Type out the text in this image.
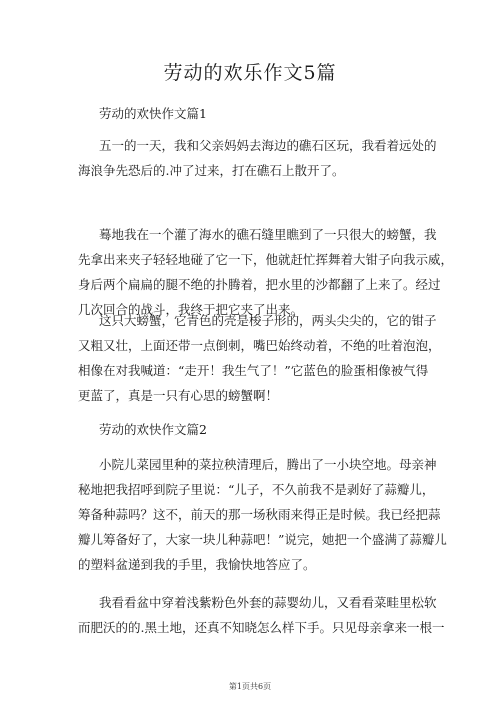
劳动的欢乐作文5篇
劳动的欢快作文篇1

五一的一天，我和父亲妈妈去海边的礁石区玩，我看着远处的
海浪争先恐后的.冲了过来，打在礁石上散开了。

蓦地我在一个灌了海水的礁石缝里瞧到了一只很大的螃蟹，我
先拿出来夹子轻轻地碰了它一下，他就赶忙挥舞着大钳子向我示威，
身后两个扁扁的腿不绝的扑腾着，把水里的沙都翻了上来了。经过
几次回合的战斗，我终于把它夹了出来。

这只大螃蟹，它青色的壳是梭子形的，两头尖尖的，它的钳子
又粗又壮，上面还带一点倒刺，嘴巴始终动着，不绝的吐着泡泡，
相像在对我喊道：“走开！我生气了！”它蓝色的脸蛋相像被气得
更蓝了，真是一只有心思的螃蟹啊！

劳动的欢快作文篇2

小院儿菜园里种的菜拉秧清理后，腾出了一小块空地。母亲神
秘地把我招呼到院子里说：“儿子，不久前我不是剥好了蒜瓣儿，
筹备种蒜吗？这不，前天的那一场秋雨来得正是时候。我已经把蒜
瓣儿筹备好了，大家一块儿种蒜吧！”说完，她把一个盛满了蒜瓣儿
的塑料盆递到我的手里，我愉快地答应了。

我看看盆中穿着浅紫粉色外套的蒜婴幼儿，又看看菜畦里松软
而肥沃的的.黑土地，还真不知晓怎么样下手。只见母亲拿来一根一

第1页共6页
